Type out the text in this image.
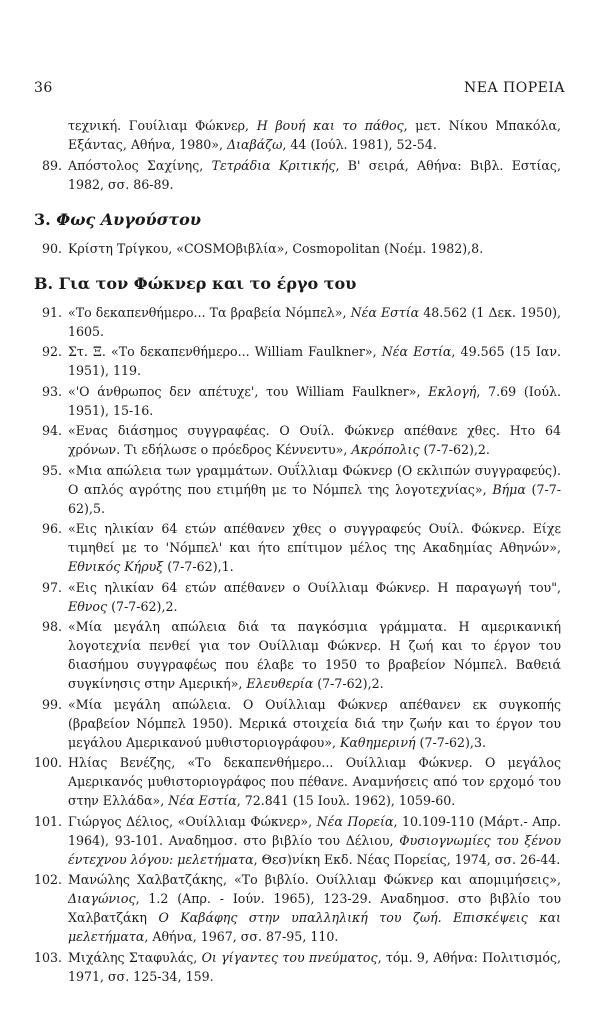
36	ΝΕΑ ΠΟΡΕΙΑ

τεχνική. Γουίλιαμ Φώκνερ, Η βουή και το πάθος, μετ. Νίκου Μπακόλα, Εξάντας, Αθήνα, 1980», Διαβάζω, 44 (Ιούλ. 1981), 52-54.

89. Απόστολος Σαχίνης, Τετράδια Κριτικής, Β' σειρά, Αθήνα: Βιβλ. Εστίας, 1982, σσ. 86-89.

3. Φως Αυγούστου

90. Κρίστη Τρίγκου, «COSMOβιβλία», Cosmopolitan (Νοέμ. 1982),8.

Β. Για τον Φώκνερ και το έργο του

91. «Το δεκαπενθήμερο... Τα βραβεία Νόμπελ», Νέα Εστία 48.562 (1 Δεκ. 1950), 1605.

92. Στ. Ξ. «Το δεκαπενθήμερο... William Faulkner», Νέα Εστία, 49.565 (15 Ιαν. 1951), 119.

93. «'Ο άνθρωπος δεν απέτυχε', του William Faulkner», Εκλογή, 7.69 (Ιούλ. 1951), 15-16.

94. «Ενας διάσημος συγγραφέας. Ο Ουίλ. Φώκνερ απέθανε χθες. Ητο 64 χρόνων. Τι εδήλωσε ο πρόεδρος Κέννεντυ», Ακρόπολις (7-7-62),2.

95. «Μια απώλεια των γραμμάτων. Ουΐλλιαμ Φώκνερ (Ο εκλιπών συγγραφεύς). Ο απλός αγρότης που ετιμήθη με το Νόμπελ της λογοτεχνίας», Βήμα (7-7-62),5.

96. «Εις ηλικίαν 64 ετών απέθανεν χθες ο συγγραφεύς Ουίλ. Φώκνερ. Είχε τιμηθεί με το 'Νόμπελ' και ήτο επίτιμον μέλος της Ακαδημίας Αθηνών», Εθνικός Κήρυξ (7-7-62),1.

97. «Εις ηλικίαν 64 ετών απέθανεν ο Ουίλλιαμ Φώκνερ. Η παραγωγή του", Εθνος (7-7-62),2.

98. «Μία μεγάλη απώλεια διά τα παγκόσμια γράμματα. Η αμερικανική λογοτεχνία πενθεί για τον Ουίλλιαμ Φώκνερ. Η ζωή και το έργον του διασήμου συγγραφέως που έλαβε το 1950 το βραβείον Νόμπελ. Βαθειά συγκίνησις στην Αμερική», Ελευθερία (7-7-62),2.

99. «Μία μεγάλη απώλεια. Ο Ουίλλιαμ Φώκνερ απέθανεν εκ συγκοπής (βραβείον Νόμπελ 1950). Μερικά στοιχεία διά την ζωήν και το έργον του μεγάλου Αμερικανού μυθιστοριογράφου», Καθημερινή (7-7-62),3.

100. Ηλίας Βενέζης, «Το δεκαπενθήμερο... Ουίλλιαμ Φώκνερ. Ο μεγάλος Αμερικανός μυθιστοριογράφος που πέθανε. Αναμνήσεις από τον ερχομό του στην Ελλάδα», Νέα Εστία, 72.841 (15 Ιουλ. 1962), 1059-60.

101. Γιώργος Δέλιος, «Ουίλλιαμ Φώκνερ», Νέα Πορεία, 10.109-110 (Μάρτ.- Απρ. 1964), 93-101. Αναδημοσ. στο βιβλίο του Δέλιου, Φυσιογνωμίες του ξένου έντεχνου λόγου: μελετήματα, Θεσ)νίκη Εκδ. Νέας Πορείας, 1974, σσ. 26-44.

102. Μανώλης Χαλβατζάκης, «Το βιβλίο. Ουίλλιαμ Φώκνερ και απομιμήσεις», Διαγώνιος, 1.2 (Απρ. - Ιούν. 1965), 123-29. Αναδημοσ. στο βιβλίο του Χαλβατζάκη Ο Καβάφης στην υπαλληλική του ζωή. Επισκέψεις και μελετήματα, Αθήνα, 1967, σσ. 87-95, 110.

103. Μιχάλης Σταφυλάς, Οι γίγαντες του πνεύματος, τόμ. 9, Αθήνα: Πολιτισμός, 1971, σσ. 125-34, 159.
